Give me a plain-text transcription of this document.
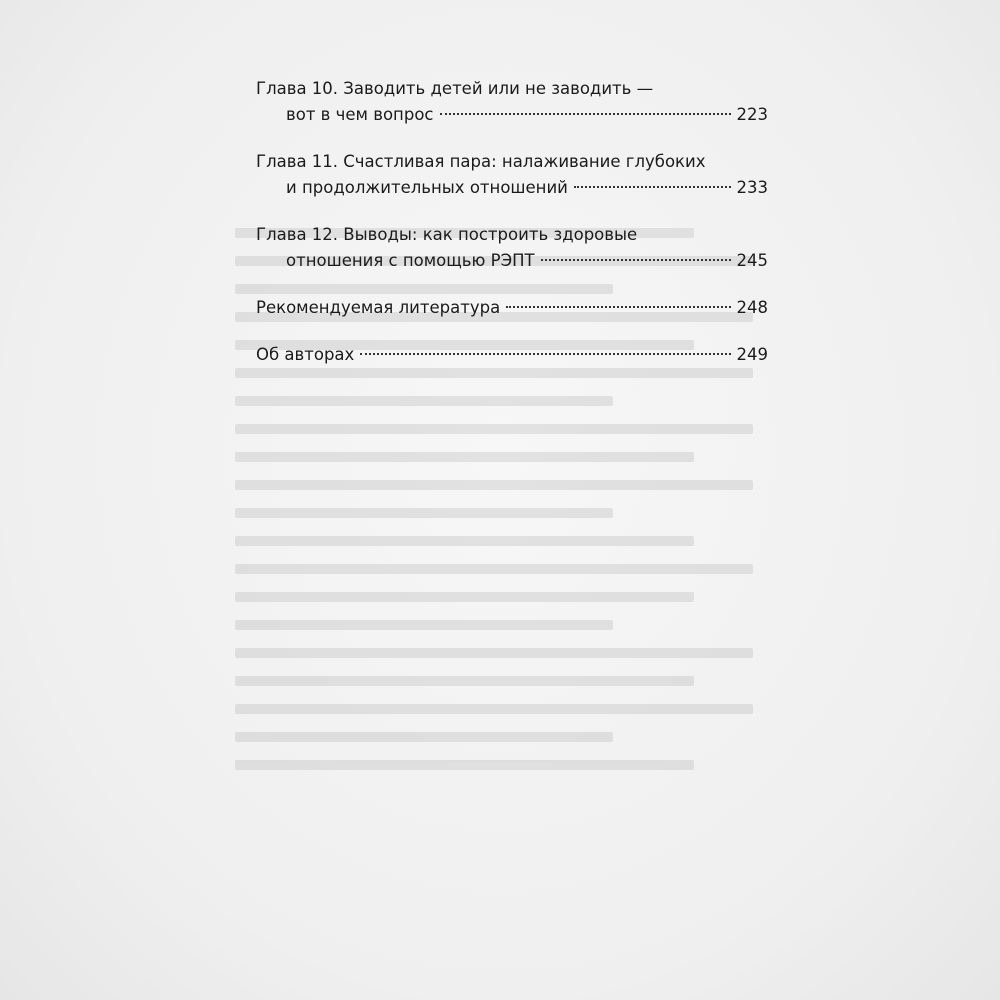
Глава 10. Заводить детей или не заводить —
вот в чем вопрос	223
Глава 11. Счастливая пара: налаживание глубоких
и продолжительных отношений	233
Глава 12. Выводы: как построить здоровые
отношения с помощью РЭПТ	245
Рекомендуемая литература	248
Об авторах	249
